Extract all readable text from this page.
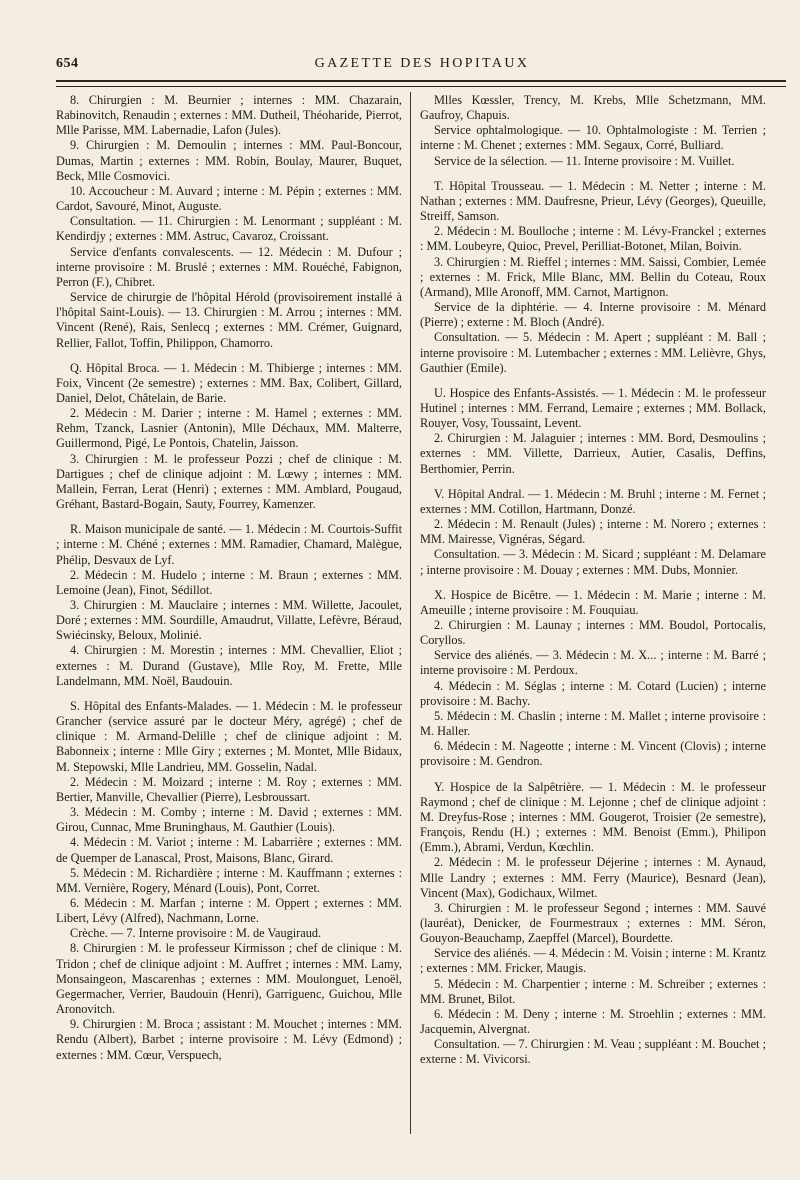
654	GAZETTE DES HOPITAUX

8. Chirurgien : M. Beurnier ; internes : MM. Chazarain, Rabinovitch, Renaudin ; externes : MM. Dutheil, Théoharide, Pierrot, Mlle Parisse, MM. Labernadie, Lafon (Jules).

9. Chirurgien : M. Demoulin ; internes : MM. Paul-Boncour, Dumas, Martin ; externes : MM. Robin, Boulay, Maurer, Buquet, Beck, Mlle Cosmovici.

10. Accoucheur : M. Auvard ; interne : M. Pépin ; externes : MM. Cardot, Savouré, Minot, Auguste.

Consultation. — 11. Chirurgien : M. Lenormant ; suppléant : M. Kendirdjy ; externes : MM. Astruc, Cavaroz, Croissant.

Service d'enfants convalescents. — 12. Médecin : M. Dufour ; interne provisoire : M. Bruslé ; externes : MM. Rouéché, Fabignon, Perron (F.), Chibret.

Service de chirurgie de l'hôpital Hérold (provisoirement installé à l'hôpital Saint-Louis). — 13. Chirurgien : M. Arrou ; internes : MM. Vincent (René), Rais, Senlecq ; externes : MM. Crémer, Guignard, Rellier, Fallot, Toffin, Philippon, Chamorro.

Q. Hôpital Broca. — 1. Médecin : M. Thibierge ; internes : MM. Foix, Vincent (2e semestre) ; externes : MM. Bax, Colibert, Gillard, Daniel, Delot, Châtelain, de Barie.

2. Médecin : M. Darier ; interne : M. Hamel ; externes : MM. Rehm, Tzanck, Lasnier (Antonin), Mlle Déchaux, MM. Malterre, Guillermond, Pigé, Le Pontois, Chatelin, Jaisson.

3. Chirurgien : M. le professeur Pozzi ; chef de clinique : M. Dartigues ; chef de clinique adjoint : M. Lœwy ; internes : MM. Mallein, Ferran, Lerat (Henri) ; externes : MM. Amblard, Pougaud, Gréhant, Bastard-Bogain, Sauty, Fourrey, Kamenzer.

R. Maison municipale de santé. — 1. Médecin : M. Courtois-Suffit ; interne : M. Chéné ; externes : MM. Ramadier, Chamard, Malègue, Phélip, Desvaux de Lyf.

2. Médecin : M. Hudelo ; interne : M. Braun ; externes : MM. Lemoine (Jean), Finot, Sédillot.

3. Chirurgien : M. Mauclaire ; internes : MM. Willette, Jacoulet, Doré ; externes : MM. Sourdille, Amaudrut, Villatte, Lefèvre, Béraud, Swiécinsky, Beloux, Molinié.

4. Chirurgien : M. Morestin ; internes : MM. Chevallier, Eliot ; externes : M. Durand (Gustave), Mlle Roy, M. Frette, Mlle Landelmann, MM. Noël, Baudouin.

S. Hôpital des Enfants-Malades. — 1. Médecin : M. le professeur Grancher (service assuré par le docteur Méry, agrégé) ; chef de clinique : M. Armand-Delille ; chef de clinique adjoint : M. Babonneix ; interne : Mlle Giry ; externes ; M. Montet, Mlle Bidaux, M. Stepowski, Mlle Landrieu, MM. Gosselin, Nadal.

2. Médecin : M. Moizard ; interne : M. Roy ; externes : MM. Bertier, Manville, Chevallier (Pierre), Lesbroussart.

3. Médecin : M. Comby ; interne : M. David ; externes : MM. Girou, Cunnac, Mme Bruninghaus, M. Gauthier (Louis).

4. Médecin : M. Variot ; interne : M. Labarrière ; externes : MM. de Quemper de Lanascal, Prost, Maisons, Blanc, Girard.

5. Médecin : M. Richardière ; interne : M. Kauffmann ; externes : MM. Vernière, Rogery, Ménard (Louis), Pont, Corret.

6. Médecin : M. Marfan ; interne : M. Oppert ; externes : MM. Libert, Lévy (Alfred), Nachmann, Lorne.

Crèche. — 7. Interne provisoire : M. de Vaugiraud.

8. Chirurgien : M. le professeur Kirmisson ; chef de clinique : M. Tridon ; chef de clinique adjoint : M. Auffret ; internes : MM. Lamy, Monsaingeon, Mascarenhas ; externes : MM. Moulonguet, Lenoël, Gegermacher, Verrier, Baudouin (Henri), Garriguenc, Guichou, Mlle Aronovitch.

9. Chirurgien : M. Broca ; assistant : M. Mouchet ; internes : MM. Rendu (Albert), Barbet ; interne provisoire : M. Lévy (Edmond) ; externes : MM. Cœur, Verspuech,

Mlles Kœssler, Trency, M. Krebs, Mlle Schetzmann, MM. Gaufroy, Chapuis.

Service ophtalmologique. — 10. Ophtalmologiste : M. Terrien ; interne : M. Chenet ; externes : MM. Segaux, Corré, Bulliard.

Service de la sélection. — 11. Interne provisoire : M. Vuillet.

T. Hôpital Trousseau. — 1. Médecin : M. Netter ; interne : M. Nathan ; externes : MM. Daufresne, Prieur, Lévy (Georges), Queuille, Streiff, Samson.

2. Médecin : M. Boulloche ; interne : M. Lévy-Franckel ; externes : MM. Loubeyre, Quioc, Prevel, Perilliat-Botonet, Milan, Boivin.

3. Chirurgien : M. Rieffel ; internes : MM. Saissi, Combier, Lemée ; externes : M. Frick, Mlle Blanc, MM. Bellin du Coteau, Roux (Armand), Mlle Aronoff, MM. Carnot, Martignon.

Service de la diphtérie. — 4. Interne provisoire : M. Ménard (Pierre) ; externe : M. Bloch (André).

Consultation. — 5. Médecin : M. Apert ; suppléant : M. Ball ; interne provisoire : M. Lutembacher ; externes : MM. Lelièvre, Ghys, Gauthier (Emile).

U. Hospice des Enfants-Assistés. — 1. Médecin : M. le professeur Hutinel ; internes : MM. Ferrand, Lemaire ; externes ; MM. Bollack, Rouyer, Vosy, Toussaint, Levent.

2. Chirurgien : M. Jalaguier ; internes : MM. Bord, Desmoulins ; externes : MM. Villette, Darrieux, Autier, Casalis, Deffins, Berthomier, Perrin.

V. Hôpital Andral. — 1. Médecin : M. Bruhl ; interne : M. Fernet ; externes : MM. Cotillon, Hartmann, Donzé.

2. Médecin : M. Renault (Jules) ; interne : M. Norero ; externes : MM. Mairesse, Vignéras, Ségard.

Consultation. — 3. Médecin : M. Sicard ; suppléant : M. Delamare ; interne provisoire : M. Douay ; externes : MM. Dubs, Monnier.

X. Hospice de Bicêtre. — 1. Médecin : M. Marie ; interne : M. Ameuille ; interne provisoire : M. Fouquiau.

2. Chirurgien : M. Launay ; internes : MM. Boudol, Portocalis, Coryllos.

Service des aliénés. — 3. Médecin : M. X... ; interne : M. Barré ; interne provisoire : M. Perdoux.

4. Médecin : M. Séglas ; interne : M. Cotard (Lucien) ; interne provisoire : M. Bachy.

5. Médecin : M. Chaslin ; interne : M. Mallet ; interne provisoire : M. Haller.

6. Médecin : M. Nageotte ; interne : M. Vincent (Clovis) ; interne provisoire : M. Gendron.

Y. Hospice de la Salpêtrière. — 1. Médecin : M. le professeur Raymond ; chef de clinique : M. Lejonne ; chef de clinique adjoint : M. Dreyfus-Rose ; internes : MM. Gougerot, Troisier (2e semestre), François, Rendu (H.) ; externes : MM. Benoist (Emm.), Philipon (Emm.), Abrami, Verdun, Kœchlin.

2. Médecin : M. le professeur Déjerine ; internes : M. Aynaud, Mlle Landry ; externes : MM. Ferry (Maurice), Besnard (Jean), Vincent (Max), Godichaux, Wilmet.

3. Chirurgien : M. le professeur Segond ; internes : MM. Sauvé (lauréat), Denicker, de Fourmestraux ; externes : MM. Séron, Gouyon-Beauchamp, Zaepffel (Marcel), Bourdette.

Service des aliénés. — 4. Médecin : M. Voisin ; interne : M. Krantz ; externes : MM. Fricker, Maugis.

5. Médecin : M. Charpentier ; interne : M. Schreiber ; externes : MM. Brunet, Bilot.

6. Médecin : M. Deny ; interne : M. Stroehlin ; externes : MM. Jacquemin, Alvergnat.

Consultation. — 7. Chirurgien : M. Veau ; suppléant : M. Bouchet ; externe : M. Vivicorsi.
